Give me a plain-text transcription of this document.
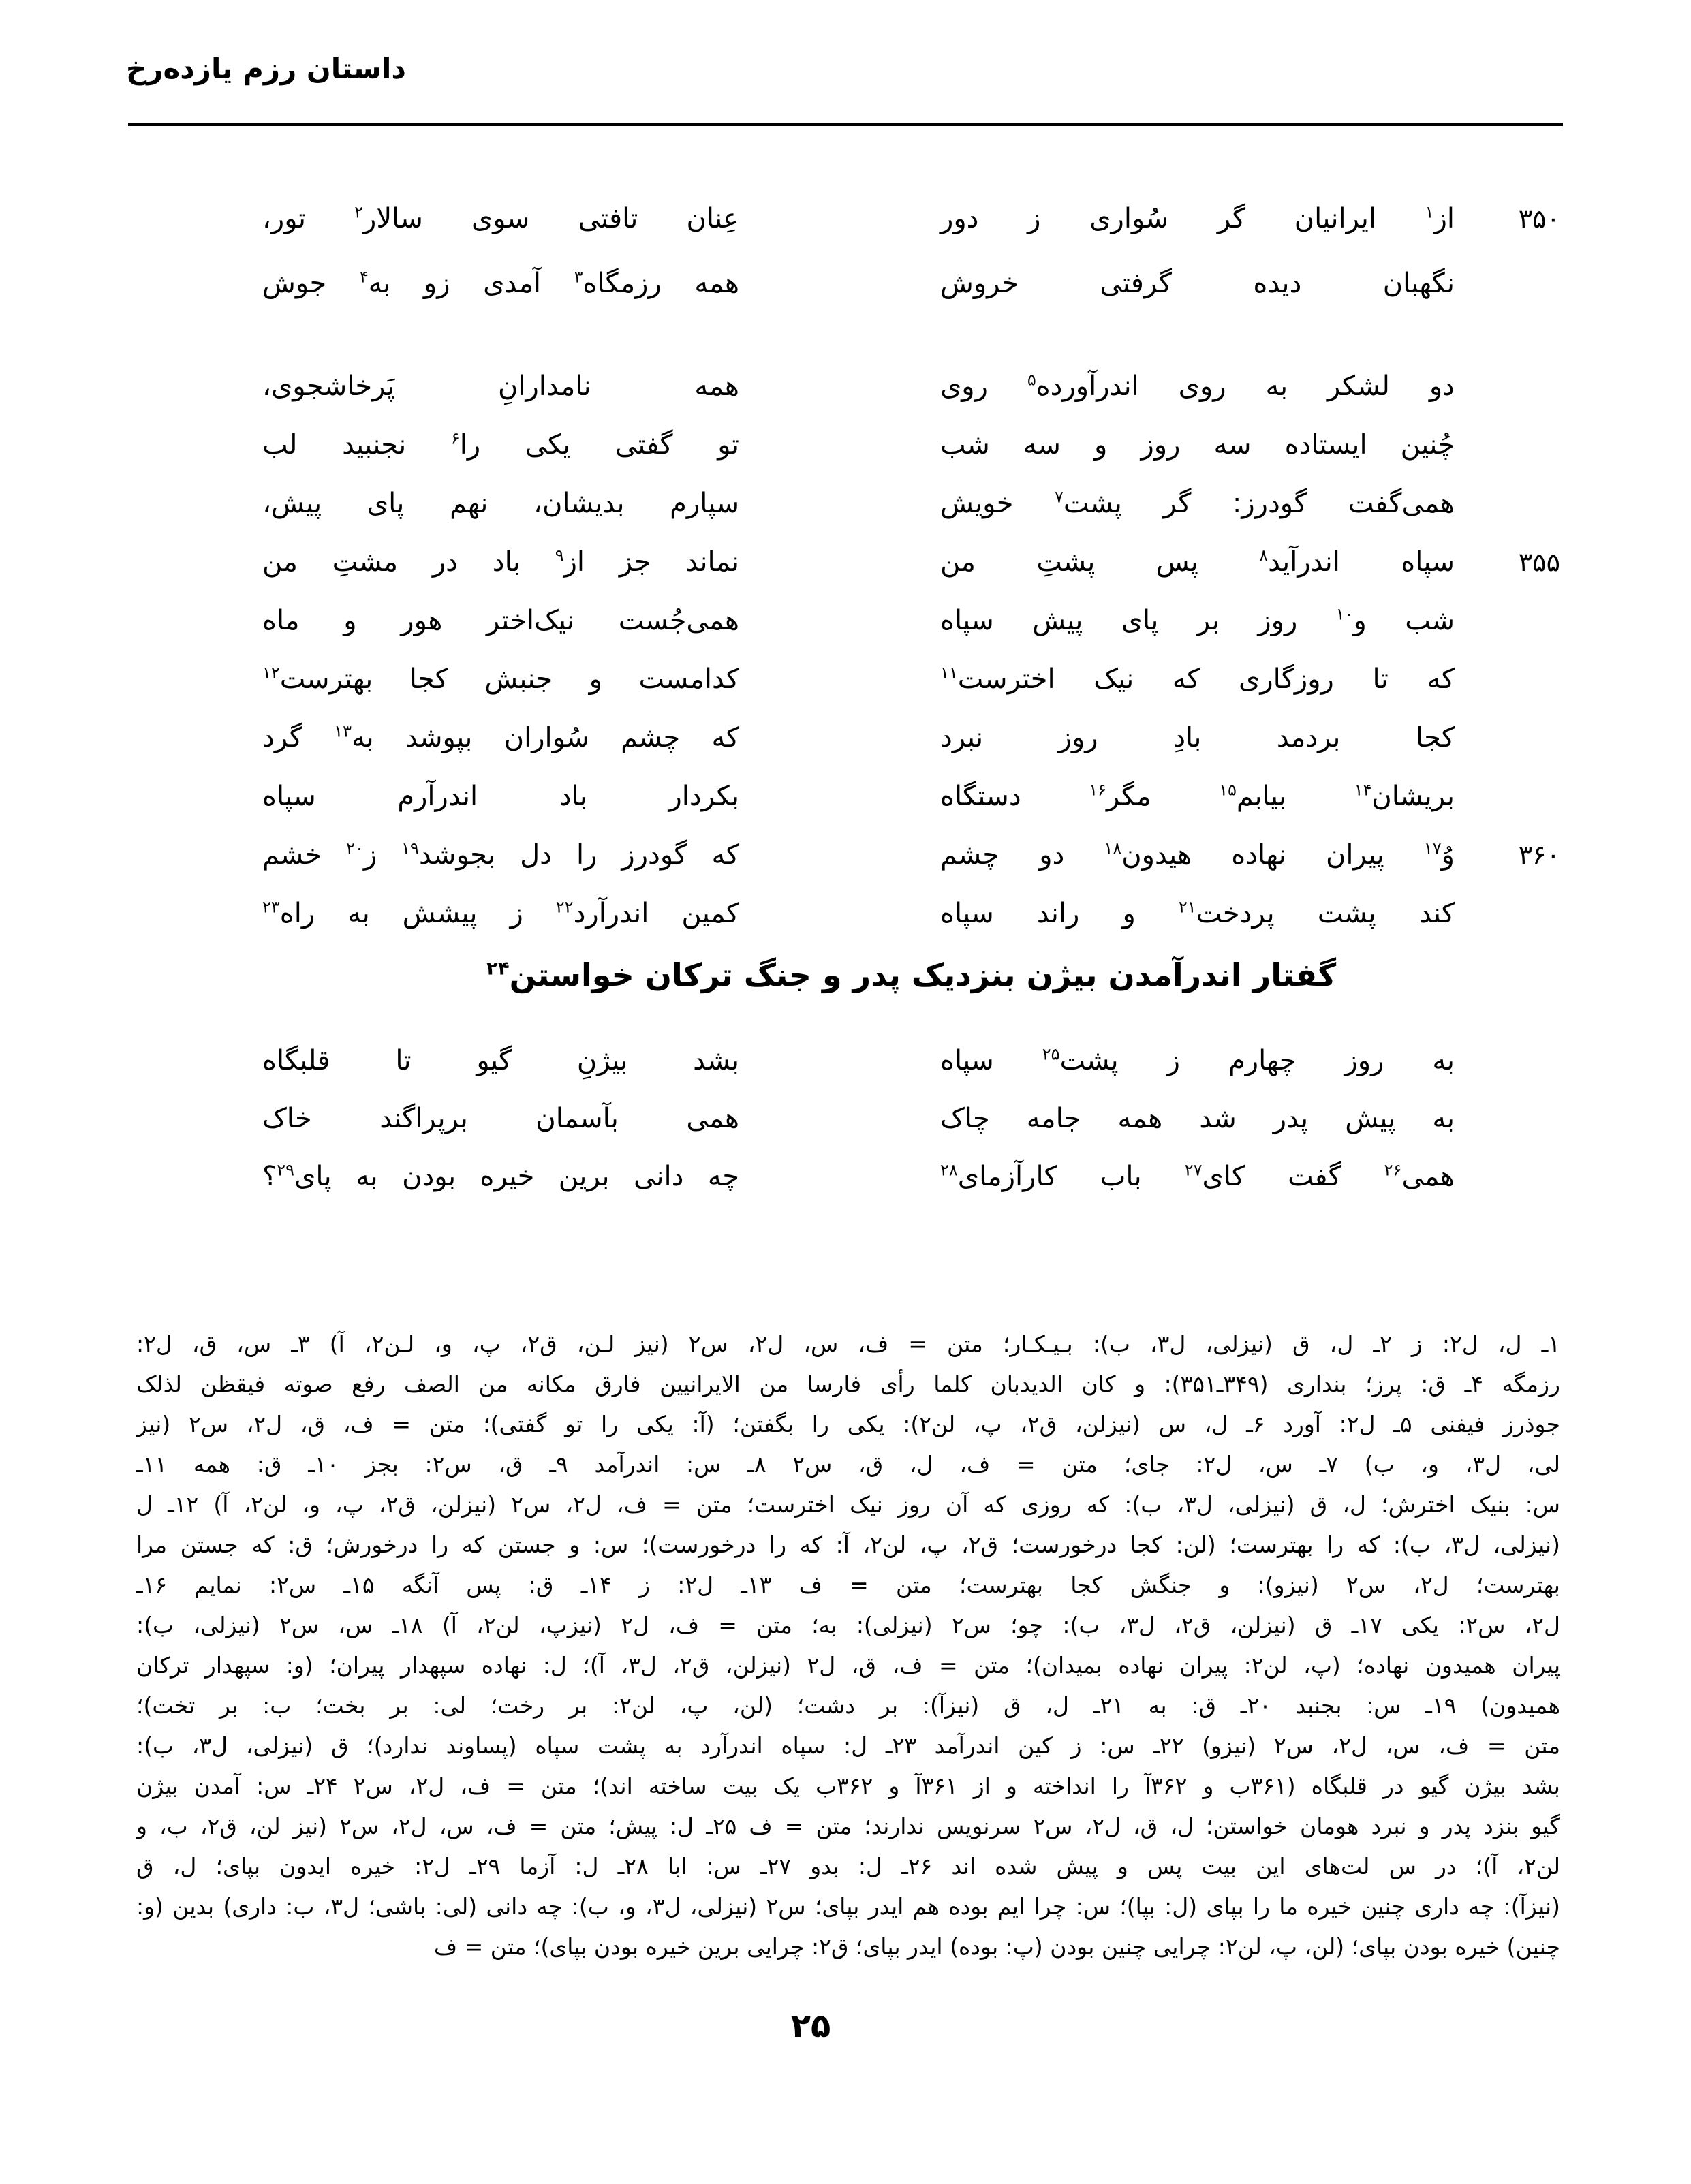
داستان رزم یازده‌رخ
۳۵۰
از$^۱$ ایرانیان گر سُواری ز دور
عِنان تافتی سوی سالار$^۲$ تور،
نگهبان دیده گرفتی خروش
همه رزمگاه$^۳$ آمدی زو به$^۴$ جوش
دو لشکر به روی اندرآورده$^۵$ روی
همه نامدارانِ پَرخاشجوی،
چُنین ایستاده سه روز و سه شب
تو گفتی یکی را$^۶$ نجنبید لب
همی‌گفت گودرز: گر پشت$^۷$ خویش
سپارم بدیشان، نهم پای پیش،
۳۵۵
سپاه اندرآید$^۸$ پس پشتِ من
نماند جز از$^۹$ باد در مشتِ من
شب و$^{۱۰}$ روز بر پای پیش سپاه
همی‌جُست نیک‌اختر هور و ماه
که تا روزگاری که نیک اخترست$^{۱۱}$
کدامست و جنبش کجا بهترست$^{۱۲}$
کجا بردمد بادِ روز نبرد
که چشم سُواران بپوشد به$^{۱۳}$ گرد
بریشان$^{۱۴}$ بیابم$^{۱۵}$ مگر$^{۱۶}$ دستگاه
بکردار باد اندرآرم سپاه
۳۶۰
وُ$^{۱۷}$ پیران نهاده هیدون$^{۱۸}$ دو چشم
که گودرز را دل بجوشد$^{۱۹}$ ز$^{۲۰}$ خشم
کند پشت پردخت$^{۲۱}$ و راند سپاه
کمین اندرآرد$^{۲۲}$ ز پیشش به راه$^{۲۳}$
گفتار اندرآمدن بیژن بنزدیک پدر و جنگ ترکان خواستن$^{۲۴}$
به روز چهارم ز پشت$^{۲۵}$ سپاه
بشد بیژنِ گیو تا قلبگاه
به پیش پدر شد همه جامه چاک
همی بآسمان برپراگند خاک
همی$^{۲۶}$ گفت کای$^{۲۷}$ باب کارآزمای$^{۲۸}$
چه دانی برین خیره بودن به پای$^{۲۹}$؟
۱ـ ل، ل۲: ز ۲ـ ل، ق (نیزلی، ل۳، ب): بـیـکـار؛ متن = ف، س، ل۲، س۲ (نیز لـن، ق۲، پ، و، لـن۲، آ) ۳ـ س، ق، ل۲:
رزمگه ۴ـ ق: پرز؛ بنداری (۳۴۹ـ۳۵۱): و کان الدیدبان کلما رأی فارسا من الایرانیین فارق مکانه من الصف رفع صوته فیقظن لذلک
جوذرز فیفنی ۵ـ ل۲: آورد ۶ـ ل، س (نیزلن، ق۲، پ، لن۲): یکی را بگفتن؛ (آ: یکی را تو گفتی)؛ متن = ف، ق، ل۲، س۲ (نیز
لی، ل۳، و، ب) ۷ـ س، ل۲: جای؛ متن = ف، ل، ق، س۲ ۸ـ س: اندرآمد ۹ـ ق، س۲: بجز ۱۰ـ ق: همه ۱۱ـ
س: بنیک اخترش؛ ل، ق (نیزلی، ل۳، ب): که روزی که آن روز نیک اخترست؛ متن = ف، ل۲، س۲ (نیزلن، ق۲، پ، و، لن۲، آ) ۱۲ـ ل
(نیزلی، ل۳، ب): که را بهترست؛ (لن: کجا درخورست؛ ق۲، پ، لن۲، آ: که را درخورست)؛ س: و جستن که را درخورش؛ ق: که جستن مرا
بهترست؛ ل۲، س۲ (نیزو): و جنگش کجا بهترست؛ متن = ف ۱۳ـ ل۲: ز ۱۴ـ ق: پس آنگه ۱۵ـ س۲: نمایم ۱۶ـ
ل۲، س۲: یکی ۱۷ـ ق (نیزلن، ق۲، ل۳، ب): چو؛ س۲ (نیزلی): به؛ متن = ف، ل۲ (نیزپ، لن۲، آ) ۱۸ـ س، س۲ (نیزلی، ب):
پیران همیدون نهاده؛ (پ، لن۲: پیران نهاده بمیدان)؛ متن = ف، ق، ل۲ (نیزلن، ق۲، ل۳، آ)؛ ل: نهاده سپهدار پیران؛ (و: سپهدار ترکان
همیدون) ۱۹ـ س: بجنبد ۲۰ـ ق: به ۲۱ـ ل، ق (نیزآ): بر دشت؛ (لن، پ، لن۲: بر رخت؛ لی: بر بخت؛ ب: بر تخت)؛
متن = ف، س، ل۲، س۲ (نیزو) ۲۲ـ س: ز کین اندرآمد ۲۳ـ ل: سپاه اندرآرد به پشت سپاه (پساوند ندارد)؛ ق (نیزلی، ل۳، ب):
بشد بیژن گیو در قلبگاه (۳۶۱ب و ۳۶۲آ را انداخته و از ۳۶۱آ و ۳۶۲ب یک بیت ساخته اند)؛ متن = ف، ل۲، س۲ ۲۴ـ س: آمدن بیژن
گیو بنزد پدر و نبرد هومان خواستن؛ ل، ق، ل۲، س۲ سرنویس ندارند؛ متن = ف ۲۵ـ ل: پیش؛ متن = ف، س، ل۲، س۲ (نیز لن، ق۲، ب، و
لن۲، آ)؛ در س لت‌های این بیت پس و پیش شده اند ۲۶ـ ل: بدو ۲۷ـ س: ابا ۲۸ـ ل: آزما ۲۹ـ ل۲: خیره ایدون بپای؛ ل، ق
(نیزآ): چه داری چنین خیره ما را بپای (ل: بپا)؛ س: چرا ایم بوده هم ایدر بپای؛ س۲ (نیزلی، ل۳، و، ب): چه دانی (لی: باشی؛ ل۳، ب: داری) بدین (و:
چنین) خیره بودن بپای؛ (لن، پ، لن۲: چرایی چنین بودن (پ: بوده) ایدر بپای؛ ق۲: چرایی برین خیره بودن بپای)؛ متن = ف
۲۵
